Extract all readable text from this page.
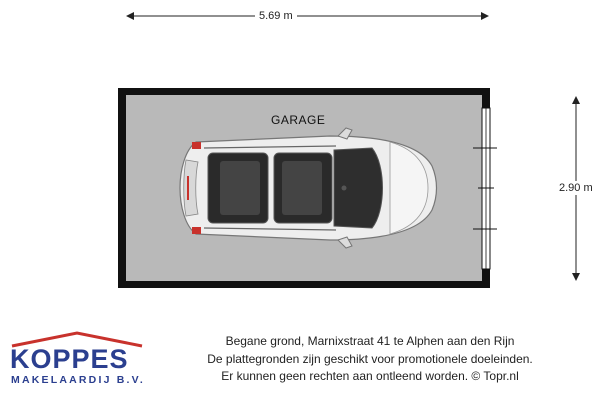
5.69 m
2.90 m
GARAGE
KOPPES
MAKELAARDIJ B.V.
Begane grond, Marnixstraat 41 te Alphen aan den Rijn
De plattegronden zijn geschikt voor promotionele doeleinden.
Er kunnen geen rechten aan ontleend worden. © Topr.nl
